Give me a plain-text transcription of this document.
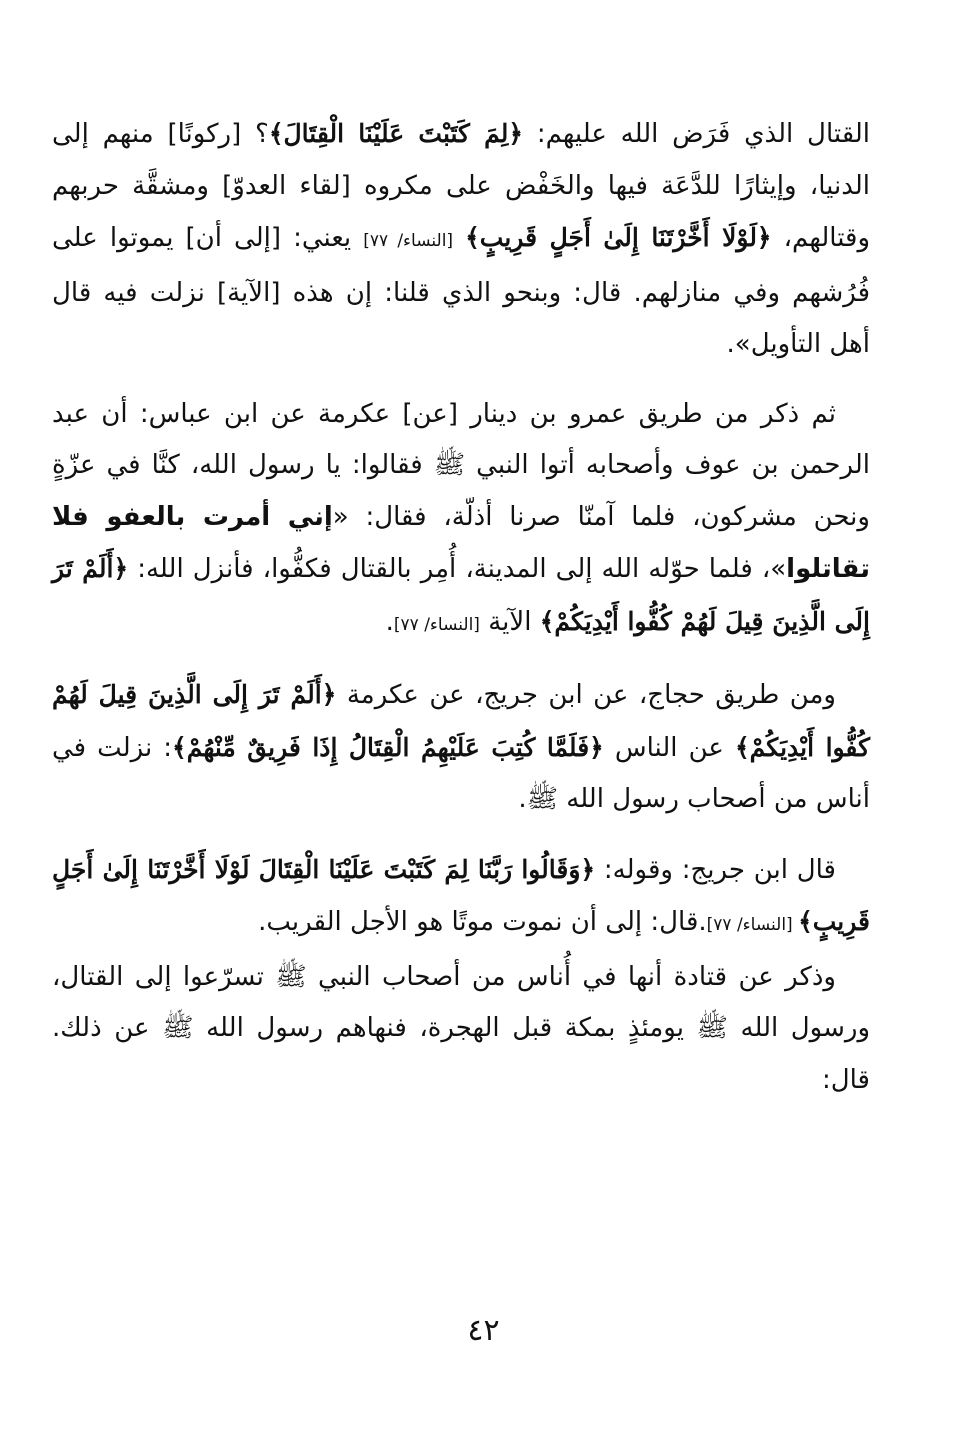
القتال الذي فَرَض الله عليهم: ﴿لِمَ كَتَبْتَ عَلَيْنَا الْقِتَالَ﴾؟ [ركونًا] منهم إلى الدنيا، وإيثارًا للدَّعَة فيها والخَفْض على مكروه [لقاء العدوّ] ومشقَّة حربهم وقتالهم، ﴿لَوْلَا أَخَّرْتَنَا إِلَىٰ أَجَلٍ قَرِيبٍ﴾ [النساء/ ٧٧] يعني: [إلى أن] يموتوا على فُرُشهم وفي منازلهم. قال: وبنحو الذي قلنا: إن هذه [الآية] نزلت فيه قال أهل التأويل».

ثم ذكر من طريق عمرو بن دينار [عن] عكرمة عن ابن عباس: أن عبد الرحمن بن عوف وأصحابه أتوا النبي ﷺ فقالوا: يا رسول الله، كنَّا في عزّةٍ ونحن مشركون، فلما آمنّا صرنا أذلّة، فقال: «إني أمرت بالعفو فلا تقاتلوا»، فلما حوّله الله إلى المدينة، أُمِر بالقتال فكفُّوا، فأنزل الله: ﴿أَلَمْ تَرَ إِلَى الَّذِينَ قِيلَ لَهُمْ كُفُّوا أَيْدِيَكُمْ﴾ الآية [النساء/ ٧٧].

ومن طريق حجاج، عن ابن جريج، عن عكرمة ﴿أَلَمْ تَرَ إِلَى الَّذِينَ قِيلَ لَهُمْ كُفُّوا أَيْدِيَكُمْ﴾ عن الناس ﴿فَلَمَّا كُتِبَ عَلَيْهِمُ الْقِتَالُ إِذَا فَرِيقٌ مِّنْهُمْ﴾: نزلت في أناس من أصحاب رسول الله ﷺ.

قال ابن جريج: وقوله: ﴿وَقَالُوا رَبَّنَا لِمَ كَتَبْتَ عَلَيْنَا الْقِتَالَ لَوْلَا أَخَّرْتَنَا إِلَىٰ أَجَلٍ قَرِيبٍ﴾ [النساء/ ٧٧].قال: إلى أن نموت موتًا هو الأجل القريب.

وذكر عن قتادة أنها في أُناس من أصحاب النبي ﷺ تسرّعوا إلى القتال، ورسول الله ﷺ يومئذٍ بمكة قبل الهجرة، فنهاهم رسول الله ﷺ عن ذلك. قال:

٤٢
